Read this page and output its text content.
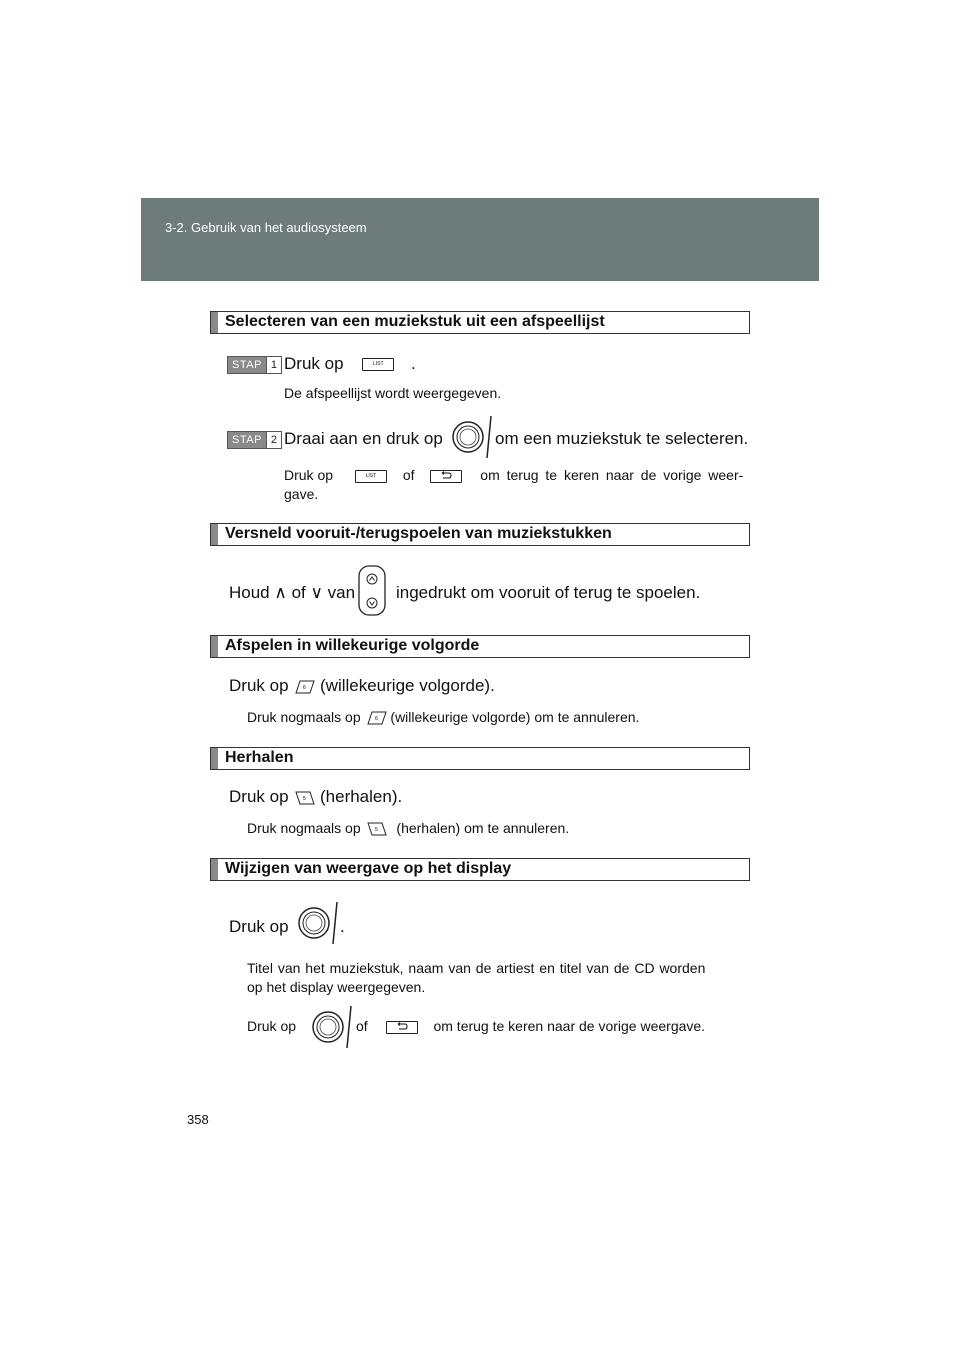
3-2. Gebruik van het audiosysteem
Selecteren van een muziekstuk uit een afspeellijst
STAP 1 Druk op	LIST .
De afspeellijst wordt weergegeven.
STAP 2 Draai aan en druk op	om een muziekstuk te selecteren.
Druk op	LIST of	om terug te keren naar de vorige weer-
gave.
Versneld vooruit-/terugspoelen van muziekstukken
Houd ∧ of ∨ van ingedrukt om vooruit of terug te spoelen.
Afspelen in willekeurige volgorde
Druk op	6 (willekeurige volgorde).
Druk nogmaals op	6 (willekeurige volgorde) om te annuleren.
Herhalen
Druk op	5 (herhalen).
Druk nogmaals op	5 (herhalen) om te annuleren.
Wijzigen van weergave op het display
Druk op	.
Titel van het muziekstuk, naam van de artiest en titel van de CD worden
op het display weergegeven.
Druk op	of	om terug te keren naar de vorige weergave.
358
